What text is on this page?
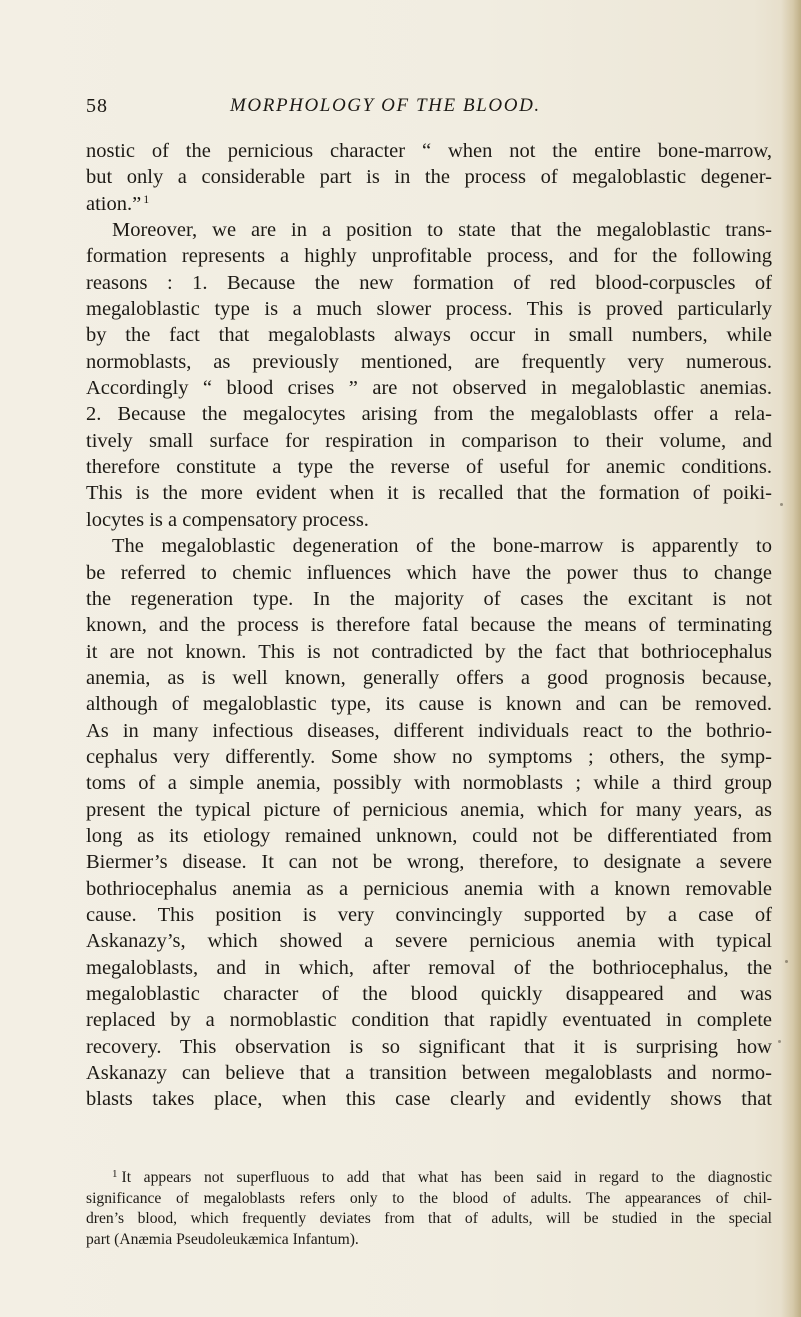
58	MORPHOLOGY OF THE BLOOD.
nostic of the pernicious character “ when not the entire bone-marrow,
but only a considerable part is in the process of megaloblastic degener-
ation.” $^1$
Moreover, we are in a position to state that the megaloblastic trans-
formation represents a highly unprofitable process, and for the following
reasons : 1. Because the new formation of red blood-corpuscles of
megaloblastic type is a much slower process. This is proved particularly
by the fact that megaloblasts always occur in small numbers, while
normoblasts, as previously mentioned, are frequently very numerous.
Accordingly “ blood crises ” are not observed in megaloblastic anemias.
2. Because the megalocytes arising from the megaloblasts offer a rela-
tively small surface for respiration in comparison to their volume, and
therefore constitute a type the reverse of useful for anemic conditions.
This is the more evident when it is recalled that the formation of poiki-
locytes is a compensatory process.
The megaloblastic degeneration of the bone-marrow is apparently to
be referred to chemic influences which have the power thus to change
the regeneration type. In the majority of cases the excitant is not
known, and the process is therefore fatal because the means of terminating
it are not known. This is not contradicted by the fact that bothriocephalus
anemia, as is well known, generally offers a good prognosis because,
although of megaloblastic type, its cause is known and can be removed.
As in many infectious diseases, different individuals react to the bothrio-
cephalus very differently. Some show no symptoms ; others, the symp-
toms of a simple anemia, possibly with normoblasts ; while a third group
present the typical picture of pernicious anemia, which for many years, as
long as its etiology remained unknown, could not be differentiated from
Biermer’s disease. It can not be wrong, therefore, to designate a severe
bothriocephalus anemia as a pernicious anemia with a known removable
cause. This position is very convincingly supported by a case of
Askanazy’s, which showed a severe pernicious anemia with typical
megaloblasts, and in which, after removal of the bothriocephalus, the
megaloblastic character of the blood quickly disappeared and was
replaced by a normoblastic condition that rapidly eventuated in complete
recovery. This observation is so significant that it is surprising how
Askanazy can believe that a transition between megaloblasts and normo-
blasts takes place, when this case clearly and evidently shows that
$^1$ It appears not superfluous to add that what has been said in regard to the diagnostic
significance of megaloblasts refers only to the blood of adults. The appearances of chil-
dren’s blood, which frequently deviates from that of adults, will be studied in the special
part (Anæmia Pseudoleukæmica Infantum).
